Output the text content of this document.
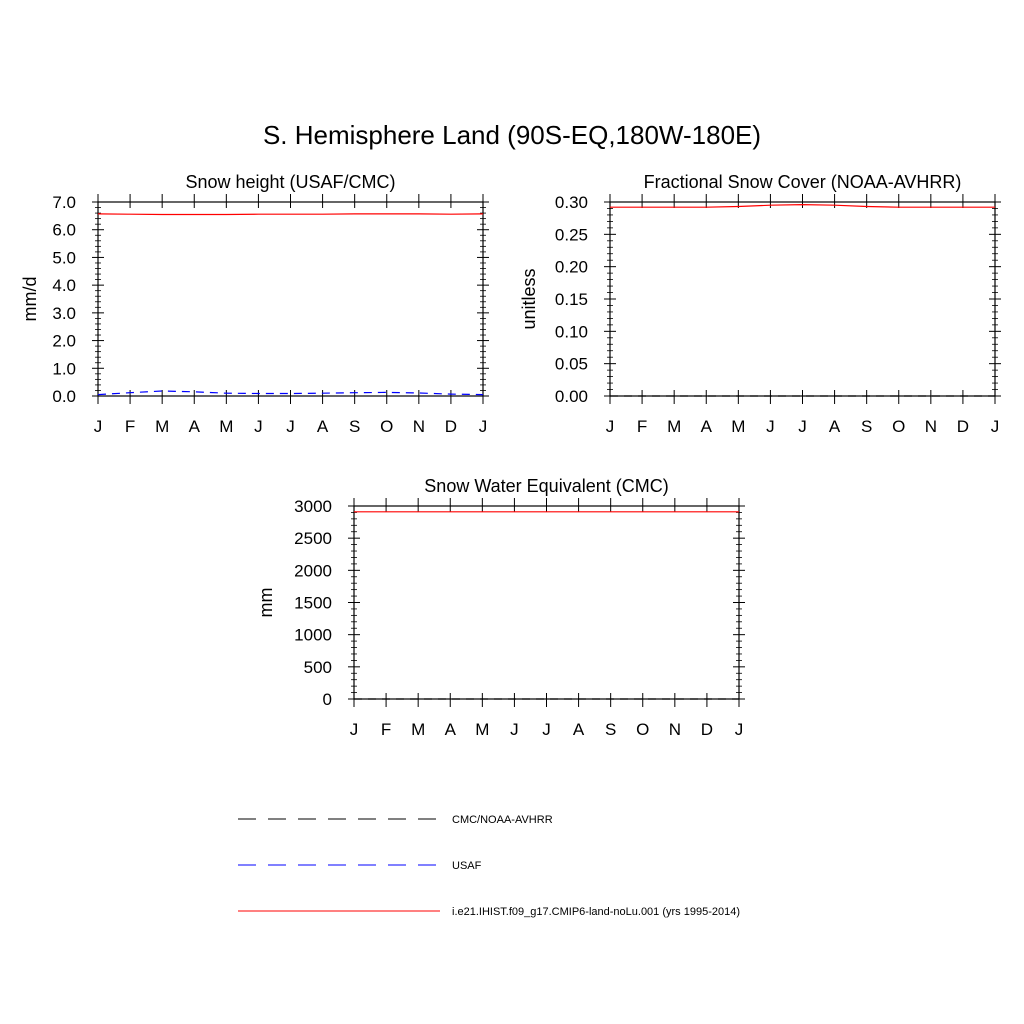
S. Hemisphere Land (90S-EQ,180W-180E)
Snow height (USAF/CMC)
mm/d
0.0
1.0
2.0
3.0
4.0
5.0
6.0
7.0
J F M A M J J A S O N D J
Fractional Snow Cover (NOAA-AVHRR)
unitless
0.00
0.05
0.10
0.15
0.20
0.25
0.30
J F M A M J J A S O N D J
Snow Water Equivalent (CMC)
mm
0
500
1000
1500
2000
2500
3000
J F M A M J J A S O N D J
CMC/NOAA-AVHRR
USAF
i.e21.IHIST.f09_g17.CMIP6-land-noLu.001 (yrs 1995-2014)
